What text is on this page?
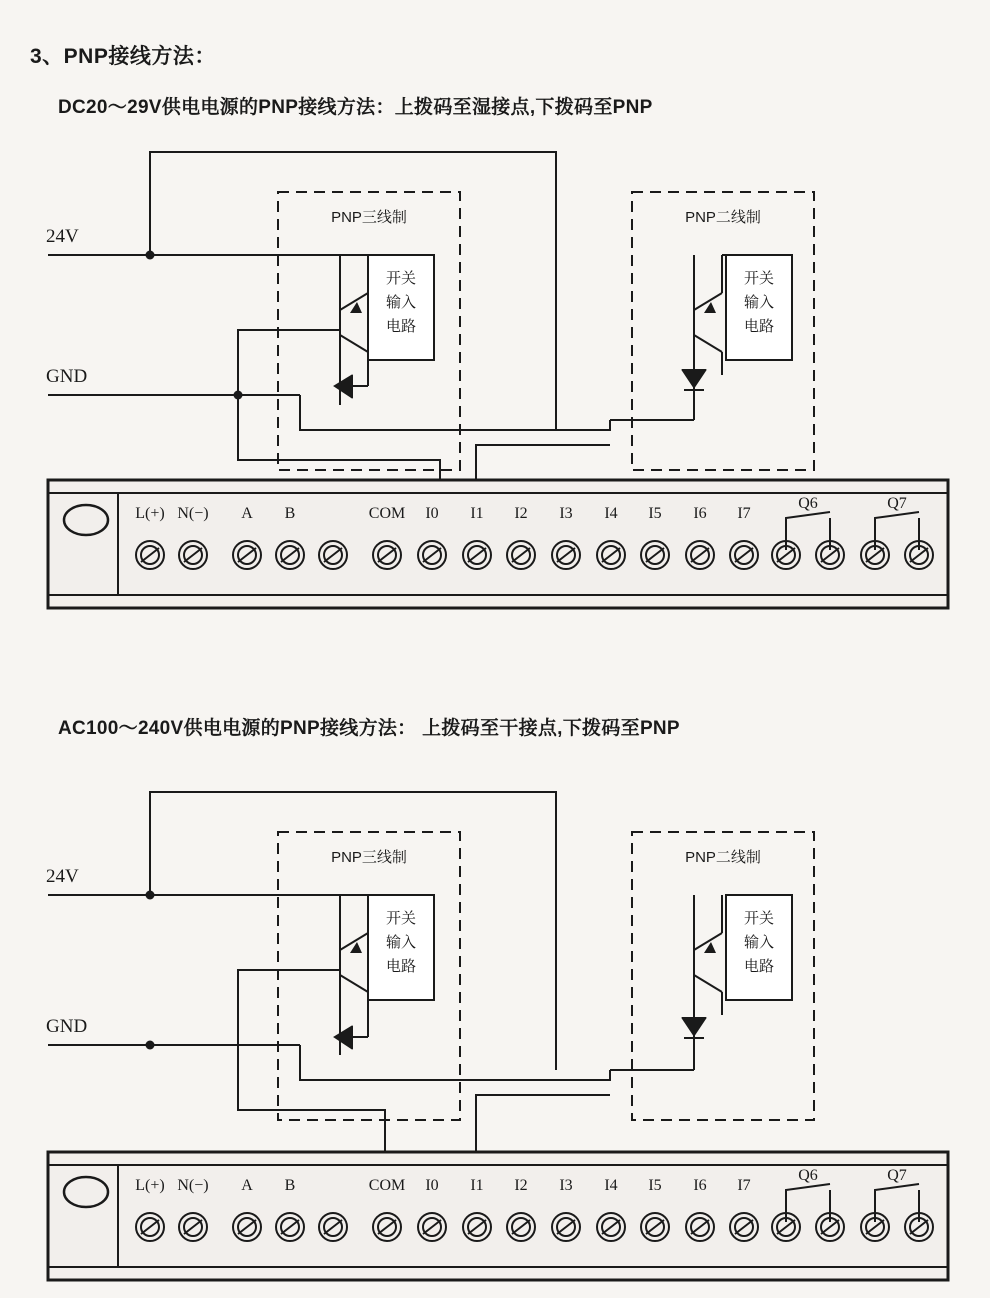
3、PNP接线方法：
DC20～29V供电电源的PNP接线方法：上拨码至湿接点,下拨码至PNP
AC100～240V供电电源的PNP接线方法： 上拨码至干接点,下拨码至PNP
24V
GND
PNP三线制
开关
输入
电路
PNP二线制
开关
输入
电路
L(+) N(−) A B	COM I0 I1 I2 I3 I4 I5 I6 I7
Q6	Q7
24V
GND
PNP三线制
开关
输入
电路
PNP二线制
开关
输入
电路
L(+) N(−) A B	COM I0 I1 I2 I3 I4 I5 I6 I7
Q6	Q7
